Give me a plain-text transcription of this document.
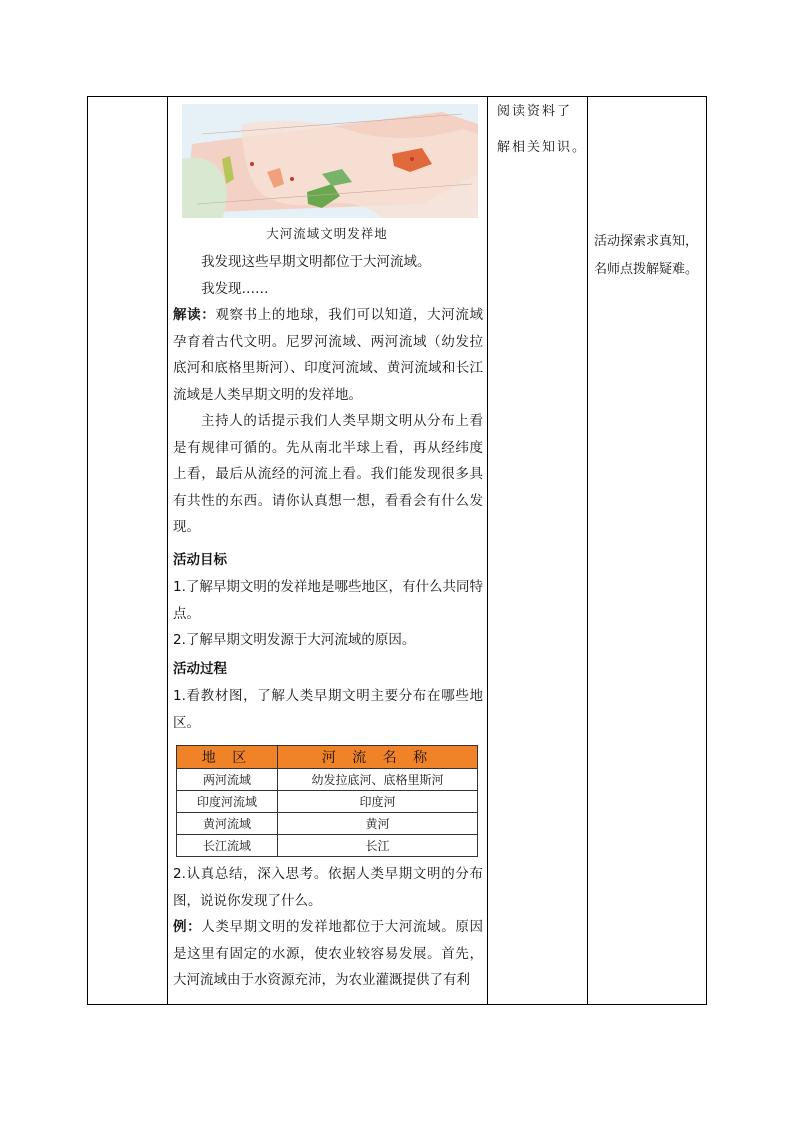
大河流域文明发祥地
我发现这些早期文明都位于大河流域。
我发现……
解读：观察书上的地球，我们可以知道，大河流域孕育着古代文明。尼罗河流域、两河流域（幼发拉底河和底格里斯河）、印度河流域、黄河流域和长江流域是人类早期文明的发祥地。
主持人的话提示我们人类早期文明从分布上看是有规律可循的。先从南北半球上看，再从经纬度上看，最后从流经的河流上看。我们能发现很多具有共性的东西。请你认真想一想，看看会有什么发现。
活动目标
1.了解早期文明的发祥地是哪些地区，有什么共同特点。
2.了解早期文明发源于大河流域的原因。
活动过程
1.看教材图，了解人类早期文明主要分布在哪些地区。
地 区	河 流 名 称
两河流域	幼发拉底河、底格里斯河
印度河流域	印度河
黄河流域	黄河
长江流域	长江
2.认真总结，深入思考。依据人类早期文明的分布图，说说你发现了什么。
例：人类早期文明的发祥地都位于大河流域。原因是这里有固定的水源，使农业较容易发展。首先，大河流域由于水资源充沛，为农业灌溉提供了有利
阅读资料了
解相关知识。
活动探索求真知，名师点拨解疑难。
